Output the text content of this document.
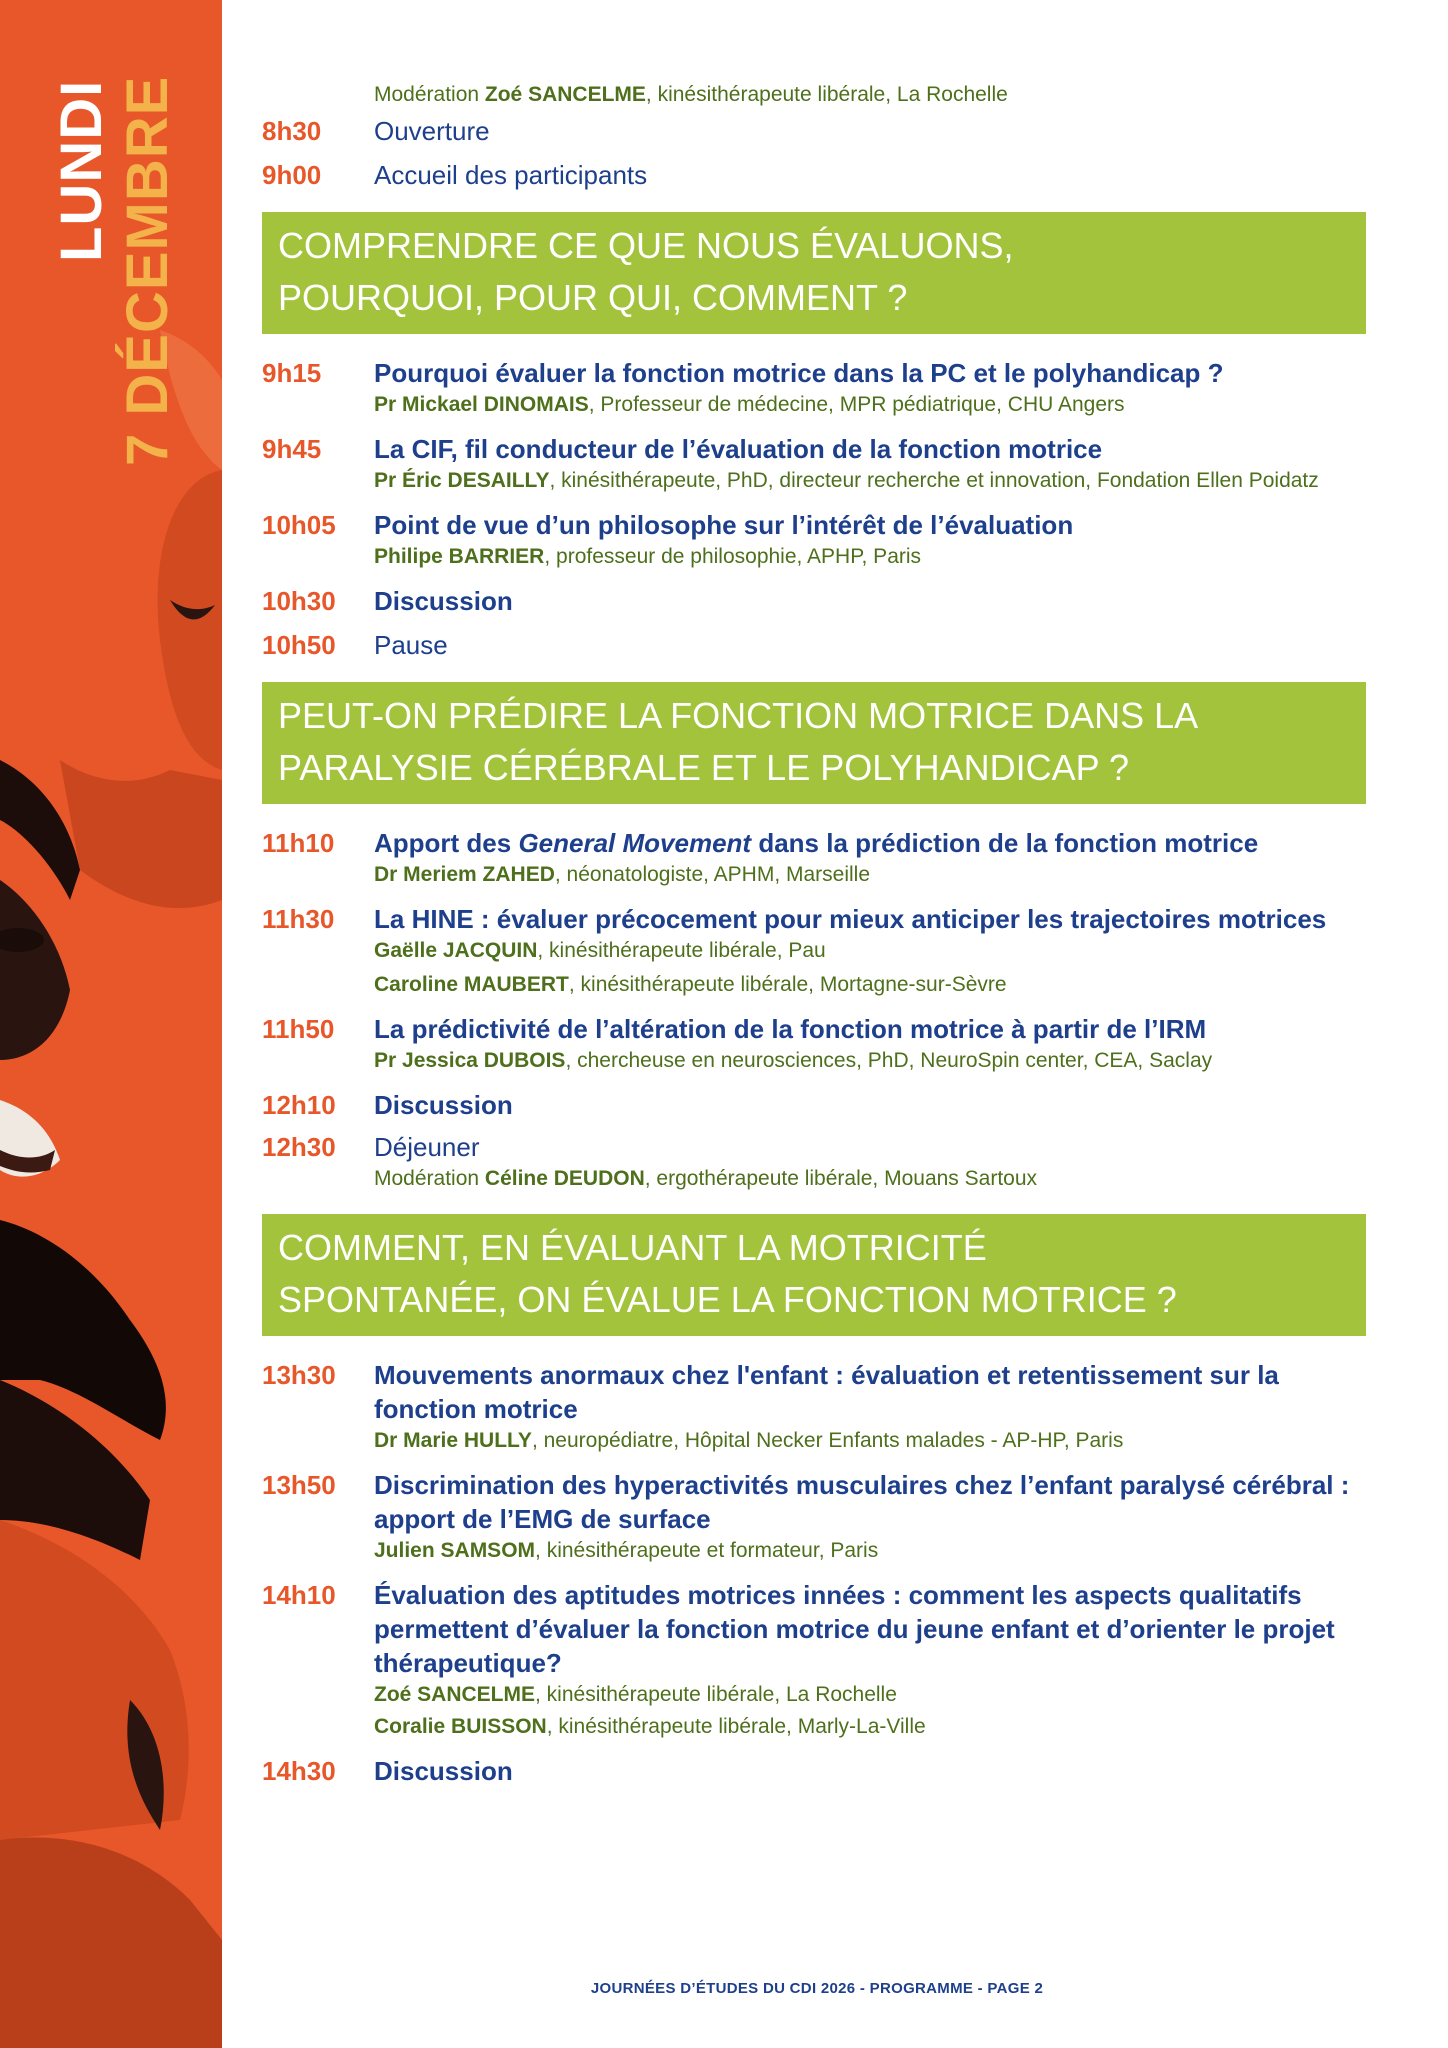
LUNDI 7 DÉCEMBRE	Modération Zoé SANCELME, kinésithérapeute libérale, La Rochelle
8h30	Ouverture
9h00	Accueil des participants
COMPRENDRE CE QUE NOUS ÉVALUONS,
POURQUOI, POUR QUI, COMMENT ?
9h15	Pourquoi évaluer la fonction motrice dans la PC et le polyhandicap ?
Pr Mickael DINOMAIS, Professeur de médecine, MPR pédiatrique, CHU Angers
9h45	La CIF, fil conducteur de l’évaluation de la fonction motrice
Pr Éric DESAILLY, kinésithérapeute, PhD, directeur recherche et innovation, Fondation Ellen Poidatz
10h05	Point de vue d’un philosophe sur l’intérêt de l’évaluation
Philipe BARRIER, professeur de philosophie, APHP, Paris
10h30	Discussion
10h50	Pause
PEUT-ON PRÉDIRE LA FONCTION MOTRICE DANS LA
PARALYSIE CÉRÉBRALE ET LE POLYHANDICAP ?
11h10	Apport des General Movement dans la prédiction de la fonction motrice
Dr Meriem ZAHED, néonatologiste, APHM, Marseille
11h30	La HINE : évaluer précocement pour mieux anticiper les trajectoires motrices
Gaëlle JACQUIN, kinésithérapeute libérale, Pau
Caroline MAUBERT, kinésithérapeute libérale, Mortagne-sur-Sèvre
11h50	La prédictivité de l’altération de la fonction motrice à partir de l’IRM
Pr Jessica DUBOIS, chercheuse en neurosciences, PhD, NeuroSpin center, CEA, Saclay
12h10	Discussion
12h30	Déjeuner
Modération Céline DEUDON, ergothérapeute libérale, Mouans Sartoux
COMMENT, EN ÉVALUANT LA MOTRICITÉ
SPONTANÉE, ON ÉVALUE LA FONCTION MOTRICE ?
13h30	Mouvements anormaux chez l'enfant : évaluation et retentissement sur la fonction motrice
Dr Marie HULLY, neuropédiatre, Hôpital Necker Enfants malades - AP-HP, Paris
13h50	Discrimination des hyperactivités musculaires chez l’enfant paralysé cérébral : apport de l’EMG de surface
Julien SAMSOM, kinésithérapeute et formateur, Paris
14h10	Évaluation des aptitudes motrices innées : comment les aspects qualitatifs permettent d’évaluer la fonction motrice du jeune enfant et d’orienter le projet thérapeutique?
Zoé SANCELME, kinésithérapeute libérale, La Rochelle
Coralie BUISSON, kinésithérapeute libérale, Marly-La-Ville
14h30	Discussion
JOURNÉES D’ÉTUDES DU CDI 2026 - PROGRAMME - PAGE 2
